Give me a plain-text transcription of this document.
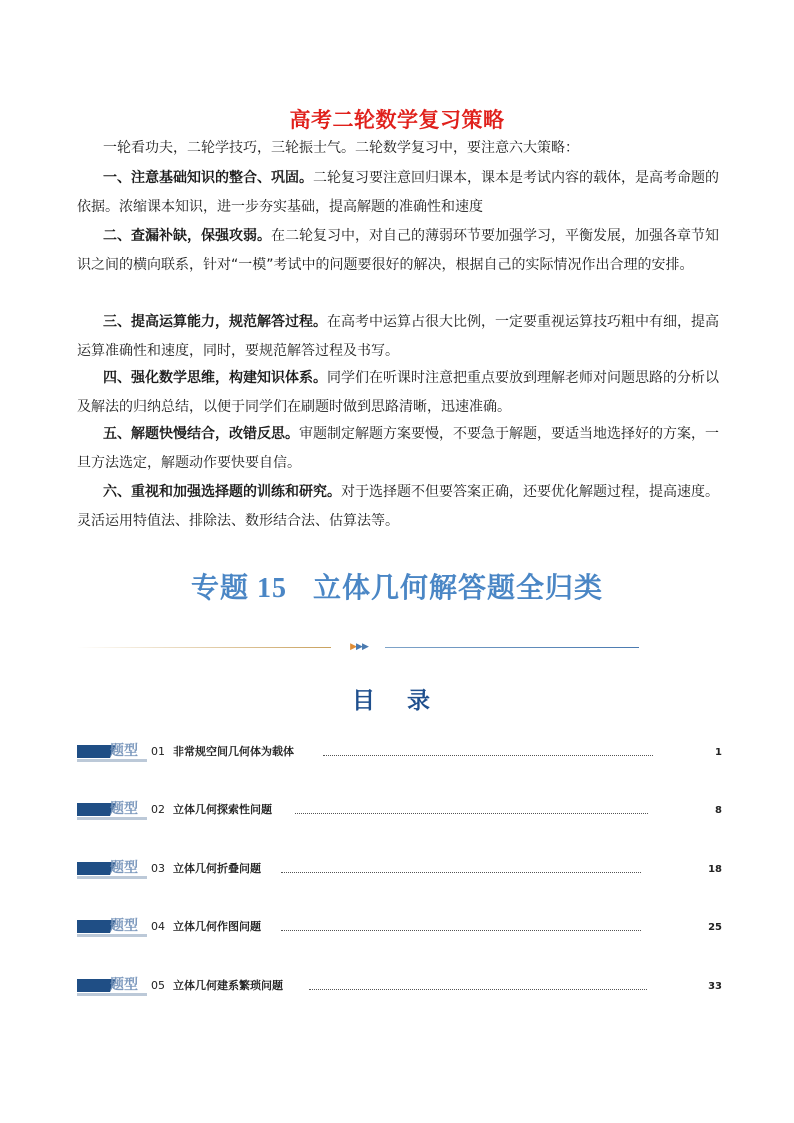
高考二轮数学复习策略
一轮看功夫，二轮学技巧，三轮振士气。二轮数学复习中，要注意六大策略：

一、注意基础知识的整合、巩固。二轮复习要注意回归课本，课本是考试内容的载体，是高考命题的依据。浓缩课本知识，进一步夯实基础，提高解题的准确性和速度

二、查漏补缺，保强攻弱。在二轮复习中，对自己的薄弱环节要加强学习，平衡发展，加强各章节知识之间的横向联系，针对“一模”考试中的问题要很好的解决，根据自己的实际情况作出合理的安排。

三、提高运算能力，规范解答过程。在高考中运算占很大比例，一定要重视运算技巧粗中有细，提高运算准确性和速度，同时，要规范解答过程及书写。

四、强化数学思维，构建知识体系。同学们在听课时注意把重点要放到理解老师对问题思路的分析以及解法的归纳总结，以便于同学们在刷题时做到思路清晰，迅速准确。

五、解题快慢结合，改错反思。审题制定解题方案要慢，不要急于解题，要适当地选择好的方案，一旦方法选定，解题动作要快要自信。

六、重视和加强选择题的训练和研究。对于选择题不但要答案正确，还要优化解题过程，提高速度。灵活运用特值法、排除法、数形结合法、估算法等。

专题 15 立体几何解答题全归类
▶▶▶
目 录
题型 01 非常规空间几何体为载体	1
题型 02 立体几何探索性问题	8
题型 03 立体几何折叠问题	18
题型 04 立体几何作图问题	25
题型 05 立体几何建系繁琐问题	33
